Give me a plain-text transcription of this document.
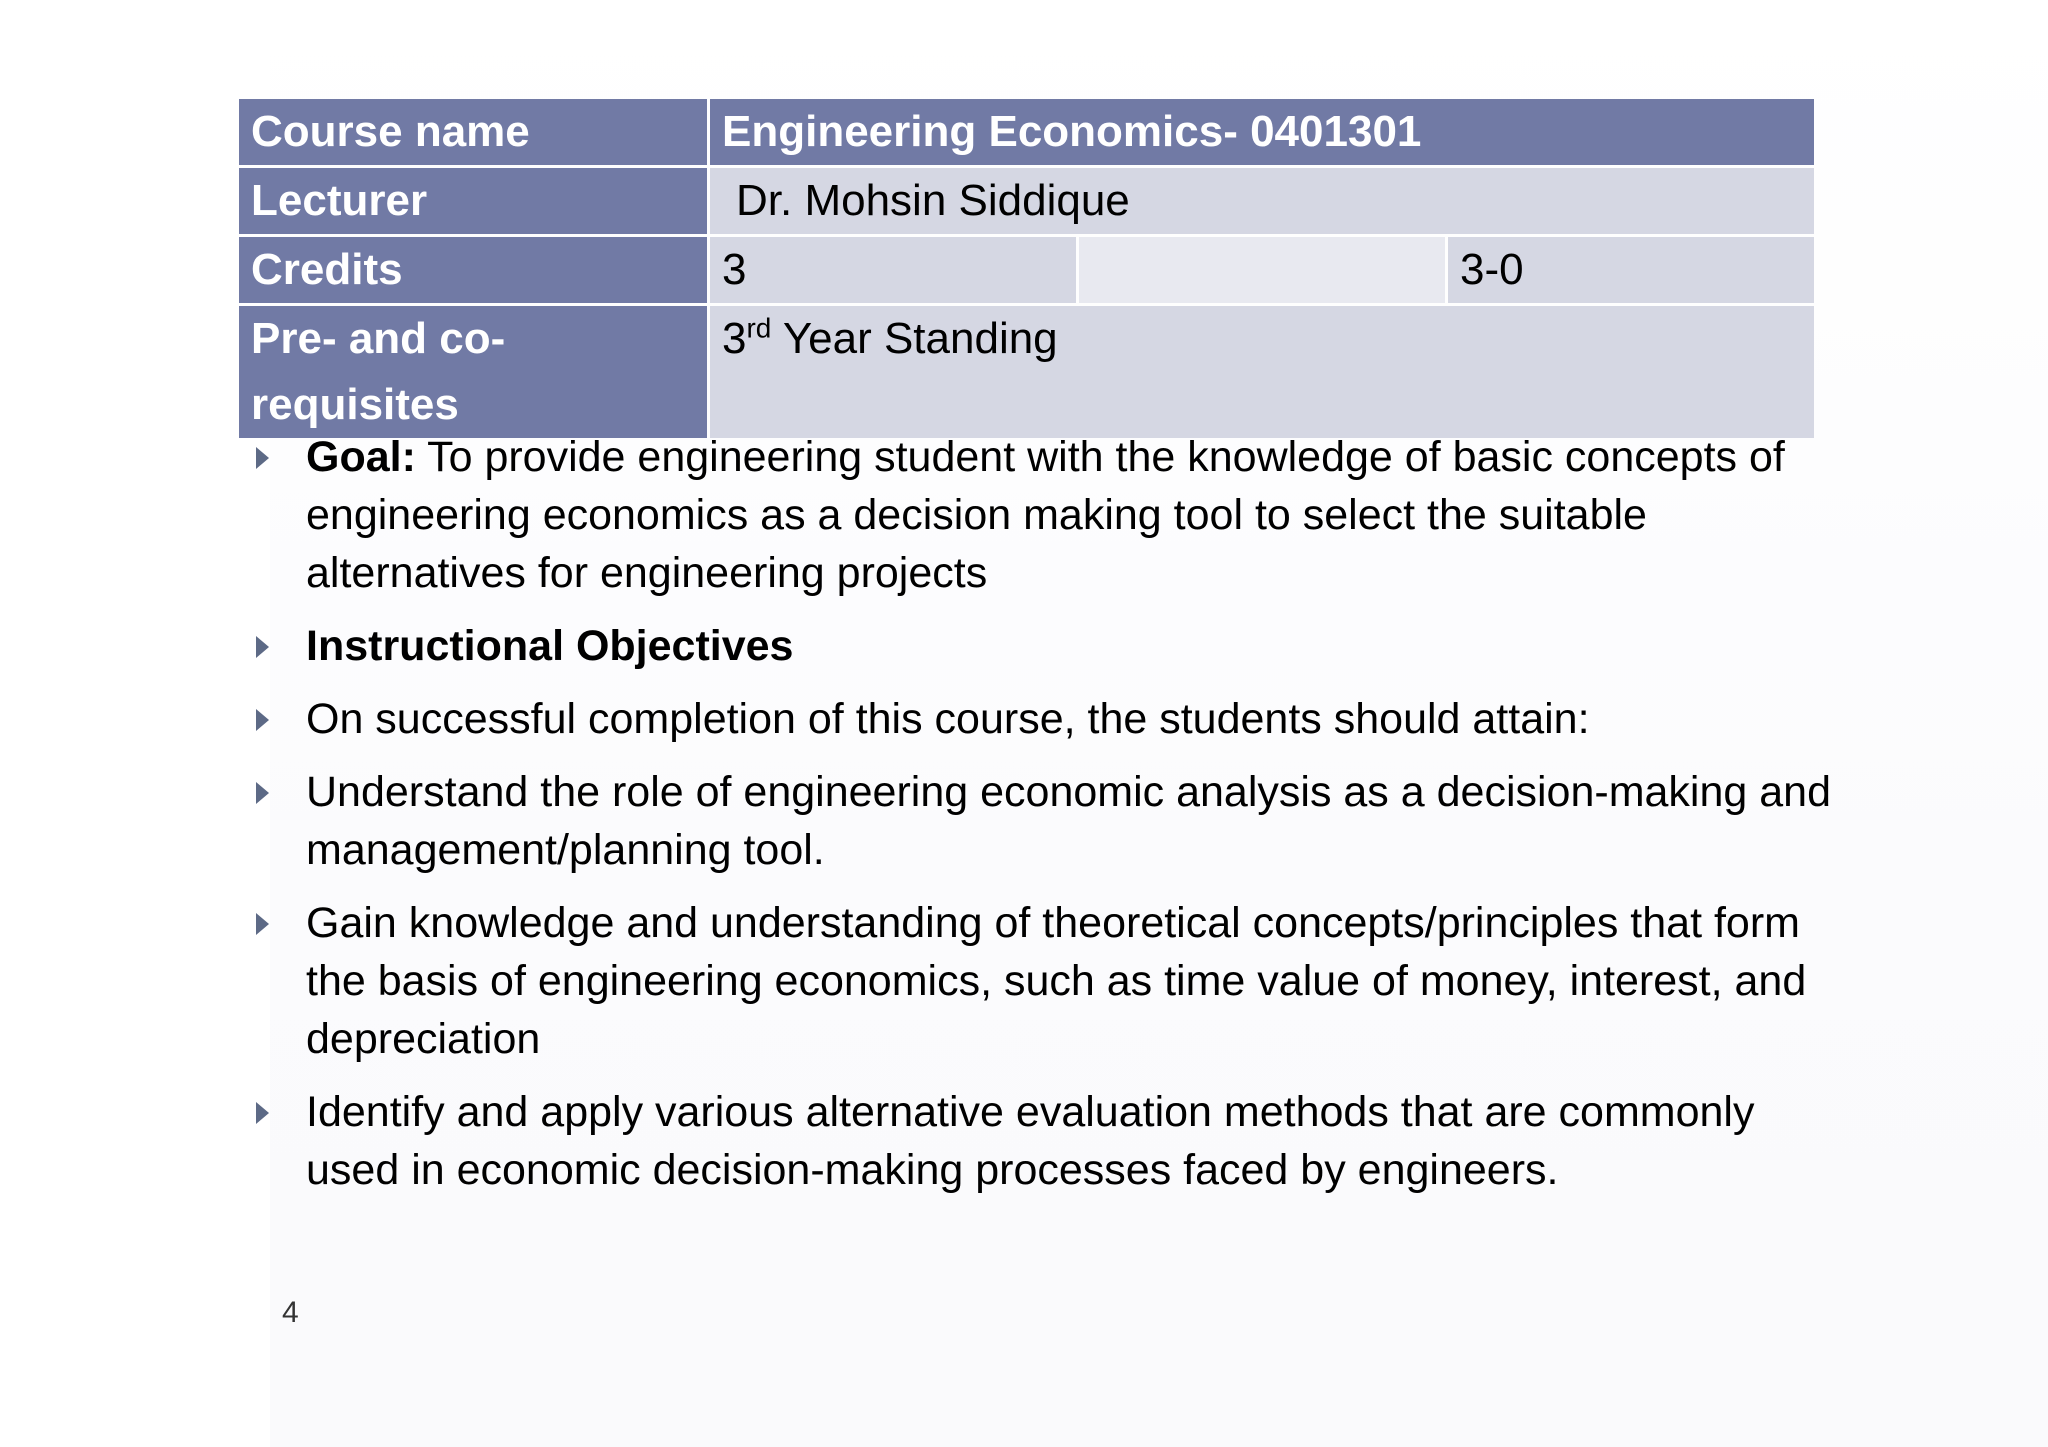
Course name	Engineering Economics- 0401301		
Lecturer	Dr. Mohsin Siddique		
Credits	3		3-0
Pre- and co-requisites	3rd Year Standing		
Goal: To provide engineering student with the knowledge of basic concepts of engineering economics as a decision making tool to select the suitable alternatives for engineering projects
Instructional Objectives
On successful completion of this course, the students should attain:
Understand the role of engineering economic analysis as a decision-making and management/planning tool.
Gain knowledge and understanding of theoretical concepts/principles that form the basis of engineering economics, such as time value of money, interest, and depreciation
Identify and apply various alternative evaluation methods that are commonly used in economic decision-making processes faced by engineers.
4
